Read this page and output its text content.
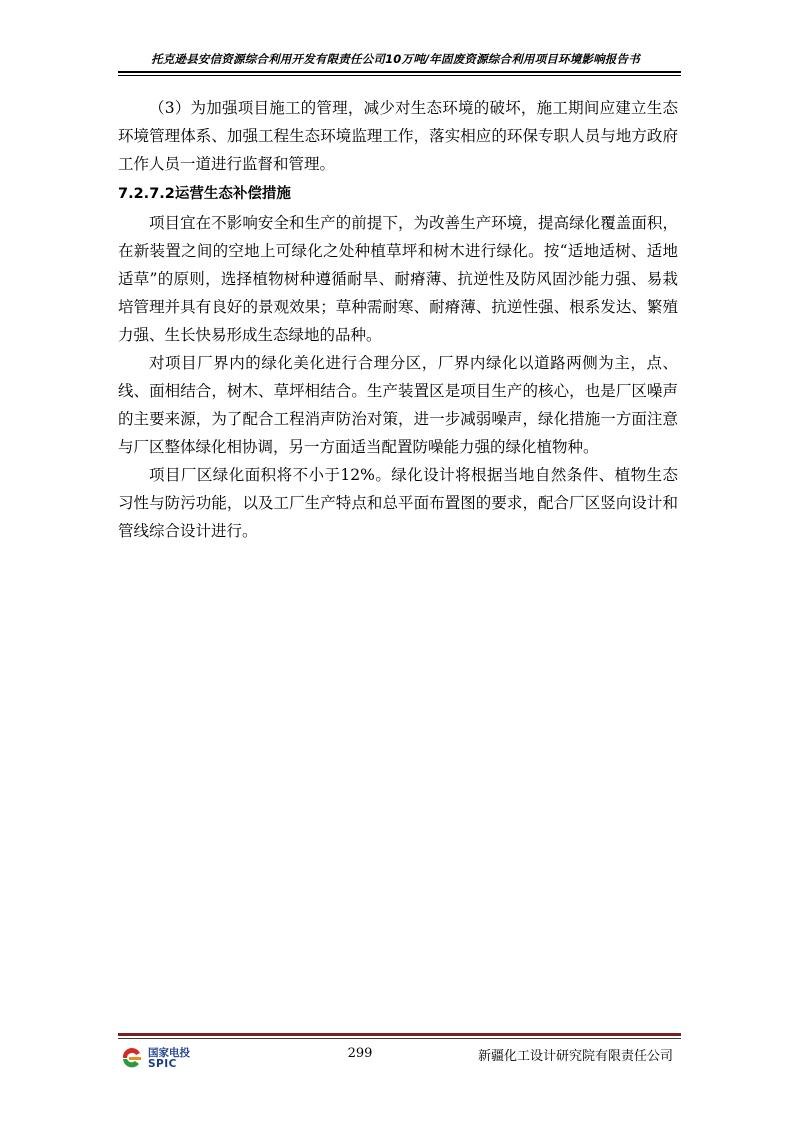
托克逊县安信资源综合利用开发有限责任公司10万吨/年固废资源综合利用项目环境影响报告书

（3）为加强项目施工的管理，减少对生态环境的破坏，施工期间应建立生态环境管理体系、加强工程生态环境监理工作，落实相应的环保专职人员与地方政府工作人员一道进行监督和管理。

7.2.7.2运营生态补偿措施

项目宜在不影响安全和生产的前提下，为改善生产环境，提高绿化覆盖面积，在新装置之间的空地上可绿化之处种植草坪和树木进行绿化。按“适地适树、适地适草”的原则，选择植物树种遵循耐旱、耐瘠薄、抗逆性及防风固沙能力强、易栽培管理并具有良好的景观效果；草种需耐寒、耐瘠薄、抗逆性强、根系发达、繁殖力强、生长快易形成生态绿地的品种。

对项目厂界内的绿化美化进行合理分区，厂界内绿化以道路两侧为主，点、线、面相结合，树木、草坪相结合。生产装置区是项目生产的核心，也是厂区噪声的主要来源，为了配合工程消声防治对策，进一步减弱噪声，绿化措施一方面注意与厂区整体绿化相协调，另一方面适当配置防噪能力强的绿化植物种。

项目厂区绿化面积将不小于12%。绿化设计将根据当地自然条件、植物生态习性与防污功能，以及工厂生产特点和总平面布置图的要求，配合厂区竖向设计和管线综合设计进行。

国家电投
SPIC
299	新疆化工设计研究院有限责任公司
